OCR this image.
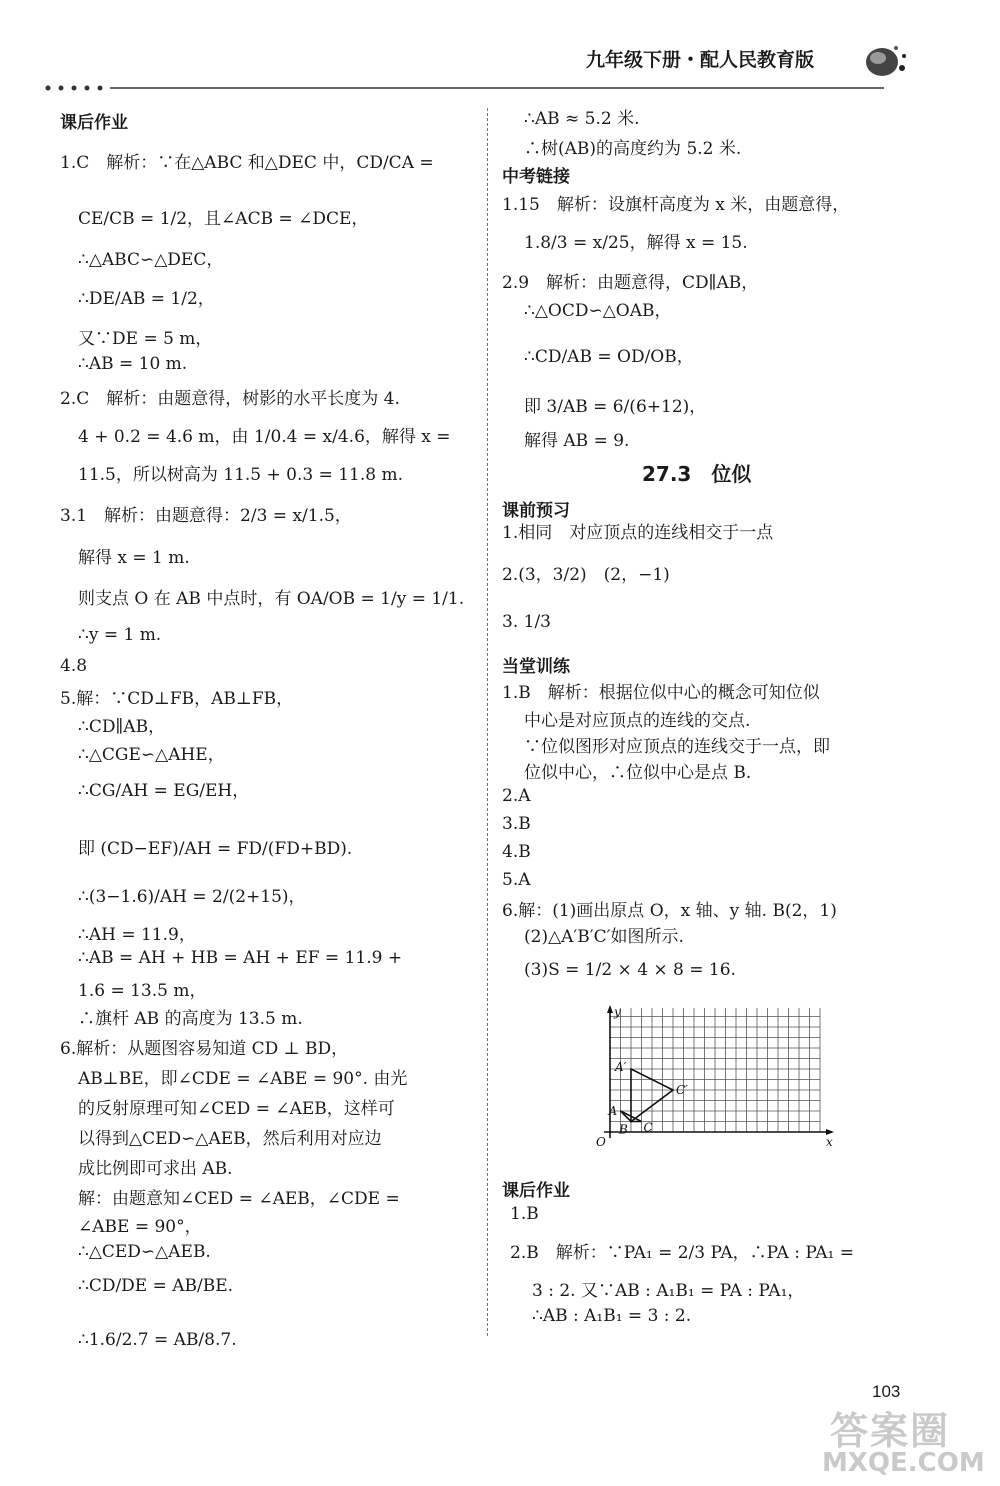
九年级下册・配人民教育版
课后作业
1.C　解析：∵在△ABC 和△DEC 中，CD/CA =
CE/CB = 1/2，且∠ACB = ∠DCE，
∴△ABC∽△DEC，
∴DE/AB = 1/2，
又∵DE = 5 m，
∴AB = 10 m.
2.C　解析：由题意得，树影的水平长度为 4.
4 + 0.2 = 4.6 m，由 1/0.4 = x/4.6，解得 x =
11.5，所以树高为 11.5 + 0.3 = 11.8 m.
3.1　解析：由题意得：2/3 = x/1.5，
解得 x = 1 m.
则支点 O 在 AB 中点时，有 OA/OB = 1/y = 1/1.
∴y = 1 m.
4.8
5.解：∵CD⊥FB，AB⊥FB，
∴CD∥AB，
∴△CGE∽△AHE，
∴CG/AH = EG/EH，
即 (CD−EF)/AH = FD/(FD+BD).
∴(3−1.6)/AH = 2/(2+15)，
∴AH = 11.9，
∴AB = AH + HB = AH + EF = 11.9 +
1.6 = 13.5 m，
∴旗杆 AB 的高度为 13.5 m.
6.解析：从题图容易知道 CD ⊥ BD，
AB⊥BE，即∠CDE = ∠ABE = 90°. 由光
的反射原理可知∠CED = ∠AEB，这样可
以得到△CED∽△AEB，然后利用对应边
成比例即可求出 AB.
解：由题意知∠CED = ∠AEB，∠CDE =
∠ABE = 90°，
∴△CED∽△AEB.
∴CD/DE = AB/BE.
∴1.6/2.7 = AB/8.7.
∴AB ≈ 5.2 米.
∴树(AB)的高度约为 5.2 米.
中考链接
1.15　解析：设旗杆高度为 x 米，由题意得，
1.8/3 = x/25，解得 x = 15.
2.9　解析：由题意得，CD∥AB，
∴△OCD∽△OAB，
∴CD/AB = OD/OB，
即 3/AB = 6/(6+12)，
解得 AB = 9.
27.3　位似
课前预习
1.相同　对应顶点的连线相交于一点
2.(3，3/2)　(2，−1)
3. 1/3
当堂训练
1.B　解析：根据位似中心的概念可知位似
中心是对应顶点的连线的交点.
∵位似图形对应顶点的连线交于一点，即
位似中心，∴位似中心是点 B.
2.A
3.B
4.B
5.A
6.解：(1)画出原点 O，x 轴、y 轴. B(2，1)
(2)△A′B′C′如图所示.
(3)S = 1/2 × 4 × 8 = 16.
y
x
O
A′
C′
A
B C
课后作业
1.B
2.B　解析：∵PA₁ = 2/3 PA，∴PA : PA₁ =
3 : 2. 又∵AB : A₁B₁ = PA : PA₁，
∴AB : A₁B₁ = 3 : 2.
103
答案圈
MXQE.COM
